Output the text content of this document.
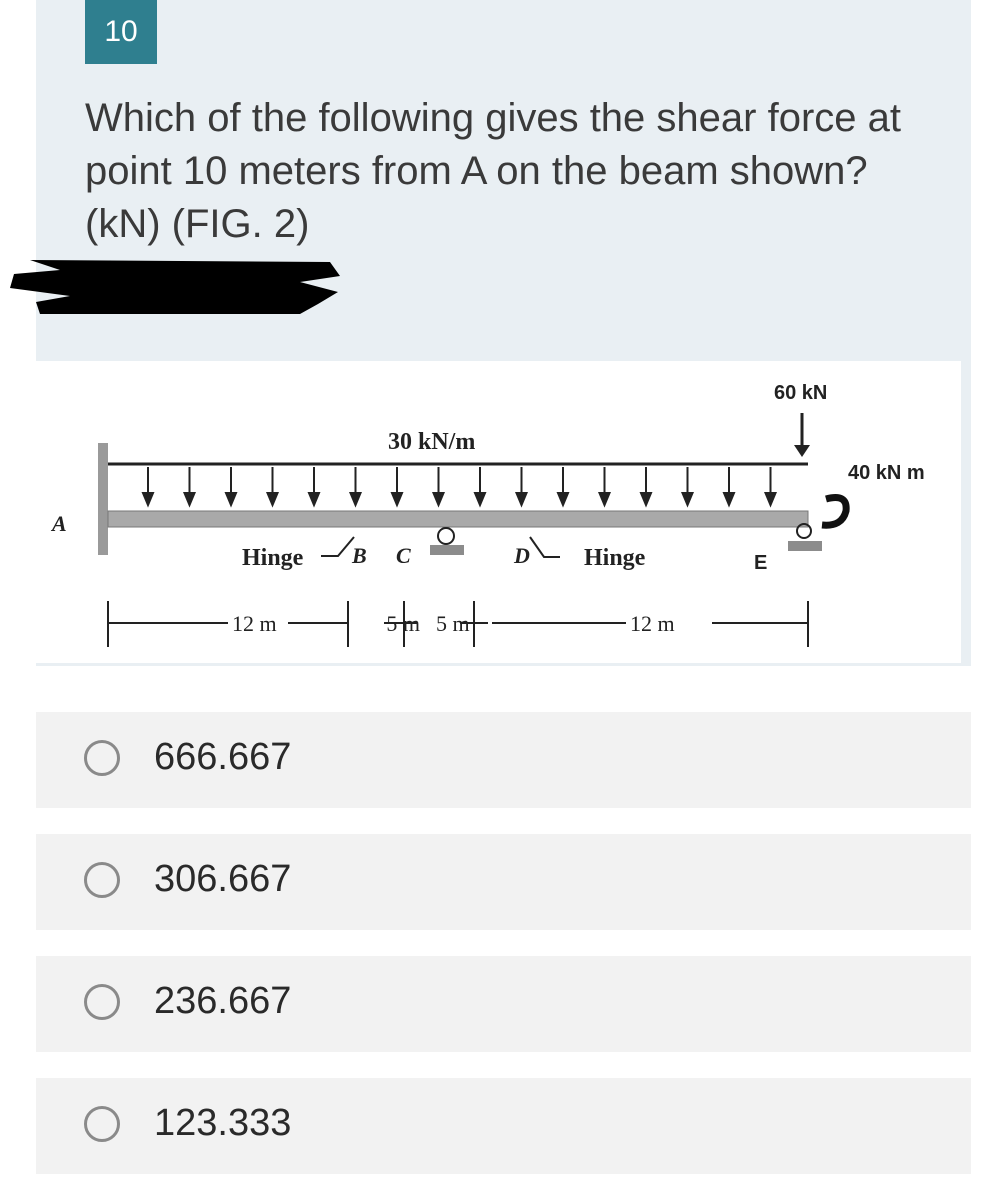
10
Which of the following gives the shear force at point 10 meters from A on the beam shown? (kN) (FIG. 2)
60 kN
30 kN/m
40 kN m
A
Hinge B C	D Hinge	E
12 m	5 m 5 m	12 m
666.667
306.667
236.667
123.333
